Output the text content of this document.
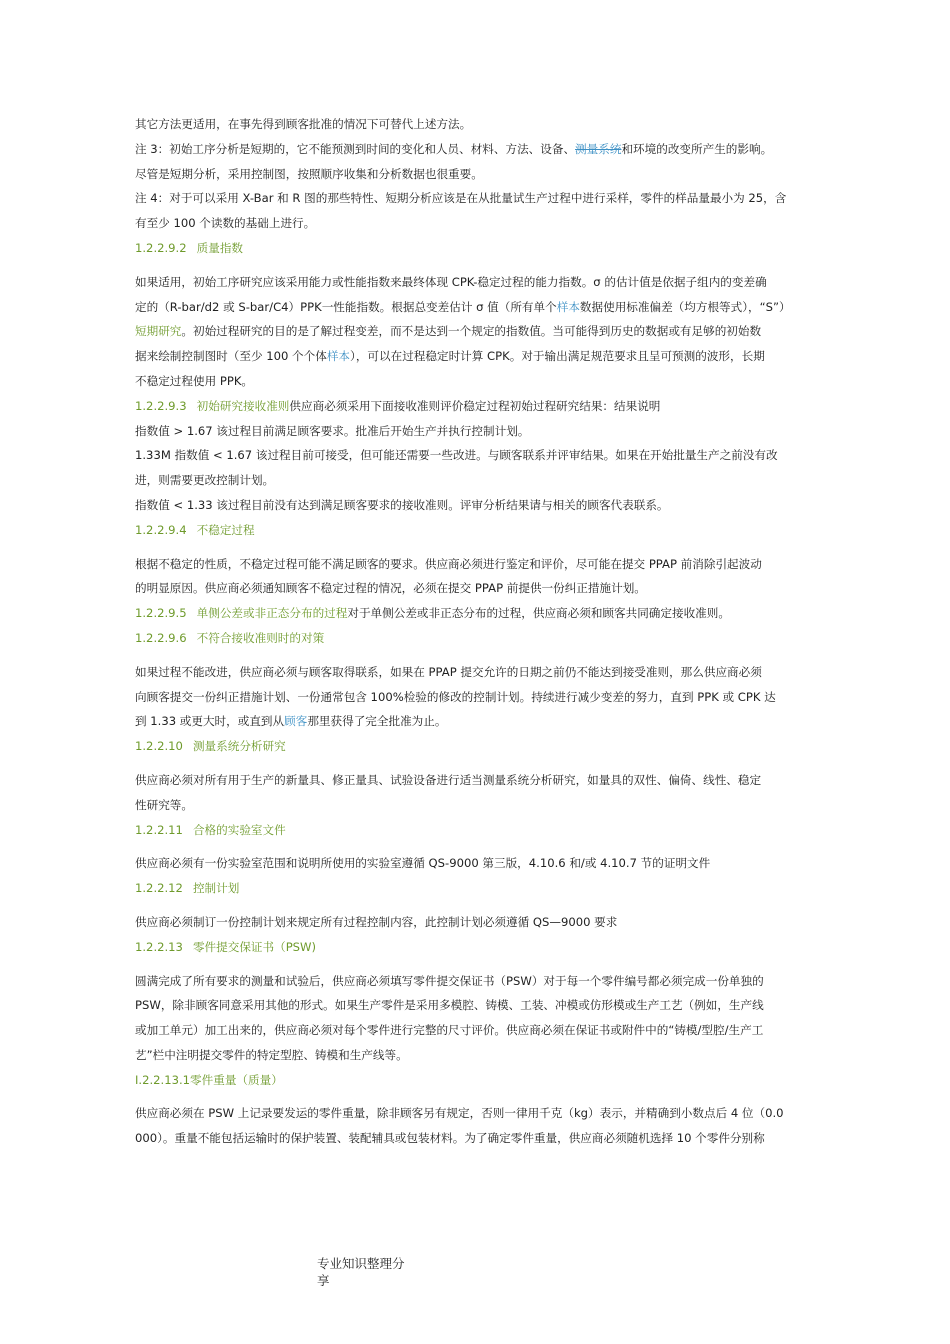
其它方法更适用，在事先得到顾客批准的情况下可替代上述方法。
注 3：初始工序分析是短期的，它不能预测到时间的变化和人员、材料、方法、设备、测量系统和环境的改变所产生的影响。
尽管是短期分析，采用控制图，按照顺序收集和分析数据也很重要。
注 4：对于可以采用 X-Bar 和 R 图的那些特性、短期分析应该是在从批量试生产过程中进行采样，零件的样品量最小为 25，含
有至少 100 个读数的基础上进行。
1.2.2.9.2 质量指数
如果适用，初始工序研究应该采用能力或性能指数来最终体现 CPK-稳定过程的能力指数。σ 的估计值是依据子组内的变差确
定的（R-bar/d2 或 S-bar/C4）PPK一性能指数。根据总变差估计 σ 值（所有单个样本数据使用标准偏差（均方根等式），“S”）
短期研究。初始过程研究的目的是了解过程变差，而不是达到一个规定的指数值。当可能得到历史的数据或有足够的初始数
据来绘制控制图时（至少 100 个个体样本），可以在过程稳定时计算 CPK。对于输出满足规范要求且呈可预测的波形，长期
不稳定过程使用 PPK。
1.2.2.9.3 初始研究接收准则供应商必须采用下面接收准则评价稳定过程初始过程研究结果：结果说明
指数值 > 1.67 该过程目前满足顾客要求。批准后开始生产并执行控制计划。
1.33M 指数值 < 1.67 该过程目前可接受，但可能还需要一些改进。与顾客联系并评审结果。如果在开始批量生产之前没有改
进，则需要更改控制计划。
指数值 < 1.33 该过程目前没有达到满足顾客要求的接收准则。评审分析结果请与相关的顾客代表联系。
1.2.2.9.4 不稳定过程
根据不稳定的性质，不稳定过程可能不满足顾客的要求。供应商必须进行鉴定和评价，尽可能在提交 PPAP 前消除引起波动
的明显原因。供应商必须通知顾客不稳定过程的情况，必须在提交 PPAP 前提供一份纠正措施计划。
1.2.2.9.5 单侧公差或非正态分布的过程对于单侧公差或非正态分布的过程，供应商必须和顾客共同确定接收准则。
1.2.2.9.6 不符合接收准则时的对策
如果过程不能改进，供应商必须与顾客取得联系，如果在 PPAP 提交允许的日期之前仍不能达到接受准则，那么供应商必须
向顾客提交一份纠正措施计划、一份通常包含 100%检验的修改的控制计划。持续进行减少变差的努力，直到 PPK 或 CPK 达
到 1.33 或更大时，或直到从顾客那里获得了完全批准为止。
1.2.2.10 测量系统分析研究
供应商必须对所有用于生产的新量具、修正量具、试验设备进行适当测量系统分析研究，如量具的双性、偏倚、线性、稳定
性研究等。
1.2.2.11 合格的实验室文件
供应商必须有一份实验室范围和说明所使用的实验室遵循 QS-9000 第三版，4.10.6 和/或 4.10.7 节的证明文件
1.2.2.12 控制计划
供应商必须制订一份控制计划来规定所有过程控制内容，此控制计划必须遵循 QS—9000 要求
1.2.2.13 零件提交保证书（PSW)
圆满完成了所有要求的测量和试验后，供应商必须填写零件提交保证书（PSW）对于每一个零件编号都必须完成一份单独的
PSW，除非顾客同意采用其他的形式。如果生产零件是采用多模腔、铸模、工装、冲模或仿形模或生产工艺（例如，生产线
或加工单元）加工出来的，供应商必须对每个零件进行完整的尺寸评价。供应商必须在保证书或附件中的“铸模/型腔/生产工
艺”栏中注明提交零件的特定型腔、铸模和生产线等。
I.2.2.13.1零件重量（质量）
供应商必须在 PSW 上记录要发运的零件重量，除非顾客另有规定，否则一律用千克（kg）表示，并精确到小数点后 4 位（0.0
000）。重量不能包括运输时的保护装置、装配辅具或包装材料。为了确定零件重量，供应商必须随机选择 10 个零件分别称
专业知识整理分
享
